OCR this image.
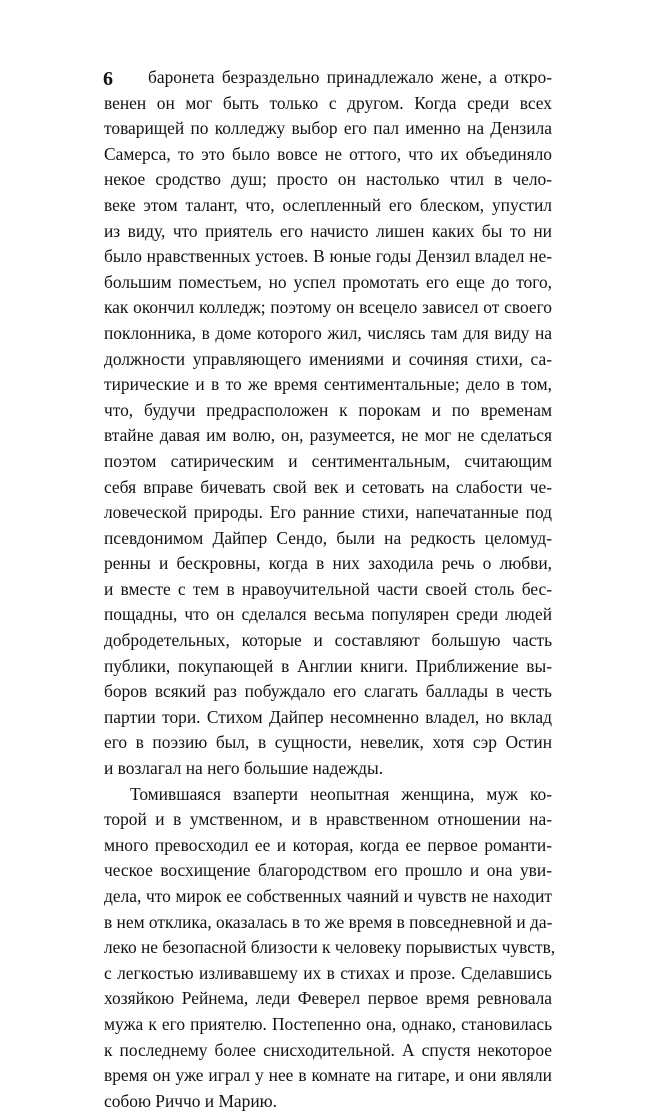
6	баронета безраздельно принадлежало жене, а откро-
венен он мог быть только с другом. Когда среди всех
товарищей по колледжу выбор его пал именно на Дензила
Самерса, то это было вовсе не оттого, что их объединяло
некое сродство душ; просто он настолько чтил в чело-
веке этом талант, что, ослепленный его блеском, упустил
из виду, что приятель его начисто лишен каких бы то ни
было нравственных устоев. В юные годы Дензил владел не-
большим поместьем, но успел промотать его еще до того,
как окончил колледж; поэтому он всецело зависел от своего
поклонника, в доме которого жил, числясь там для виду на
должности управляющего имениями и сочиняя стихи, са-
тирические и в то же время сентиментальные; дело в том,
что, будучи предрасположен к порокам и по временам
втайне давая им волю, он, разумеется, не мог не сделаться
поэтом сатирическим и сентиментальным, считающим
себя вправе бичевать свой век и сетовать на слабости че-
ловеческой природы. Его ранние стихи, напечатанные под
псевдонимом Дайпер Сендо, были на редкость целомуд-
ренны и бескровны, когда в них заходила речь о любви,
и вместе с тем в нравоучительной части своей столь бес-
пощадны, что он сделался весьма популярен среди людей
добродетельных, которые и составляют большую часть
публики, покупающей в Англии книги. Приближение вы-
боров всякий раз побуждало его слагать баллады в честь
партии тори. Стихом Дайпер несомненно владел, но вклад
его в поэзию был, в сущности, невелик, хотя сэр Остин
и возлагал на него большие надежды.
Томившаяся взаперти неопытная женщина, муж ко-
торой и в умственном, и в нравственном отношении на-
много превосходил ее и которая, когда ее первое романти-
ческое восхищение благородством его прошло и она уви-
дела, что мирок ее собственных чаяний и чувств не находит
в нем отклика, оказалась в то же время в повседневной и да-
леко не безопасной близости к человеку порывистых чувств,
с легкостью изливавшему их в стихах и прозе. Сделавшись
хозяйкою Рейнема, леди Феверел первое время ревновала
мужа к его приятелю. Постепенно она, однако, становилась
к последнему более снисходительной. А спустя некоторое
время он уже играл у нее в комнате на гитаре, и они являли
собою Риччо и Марию.
